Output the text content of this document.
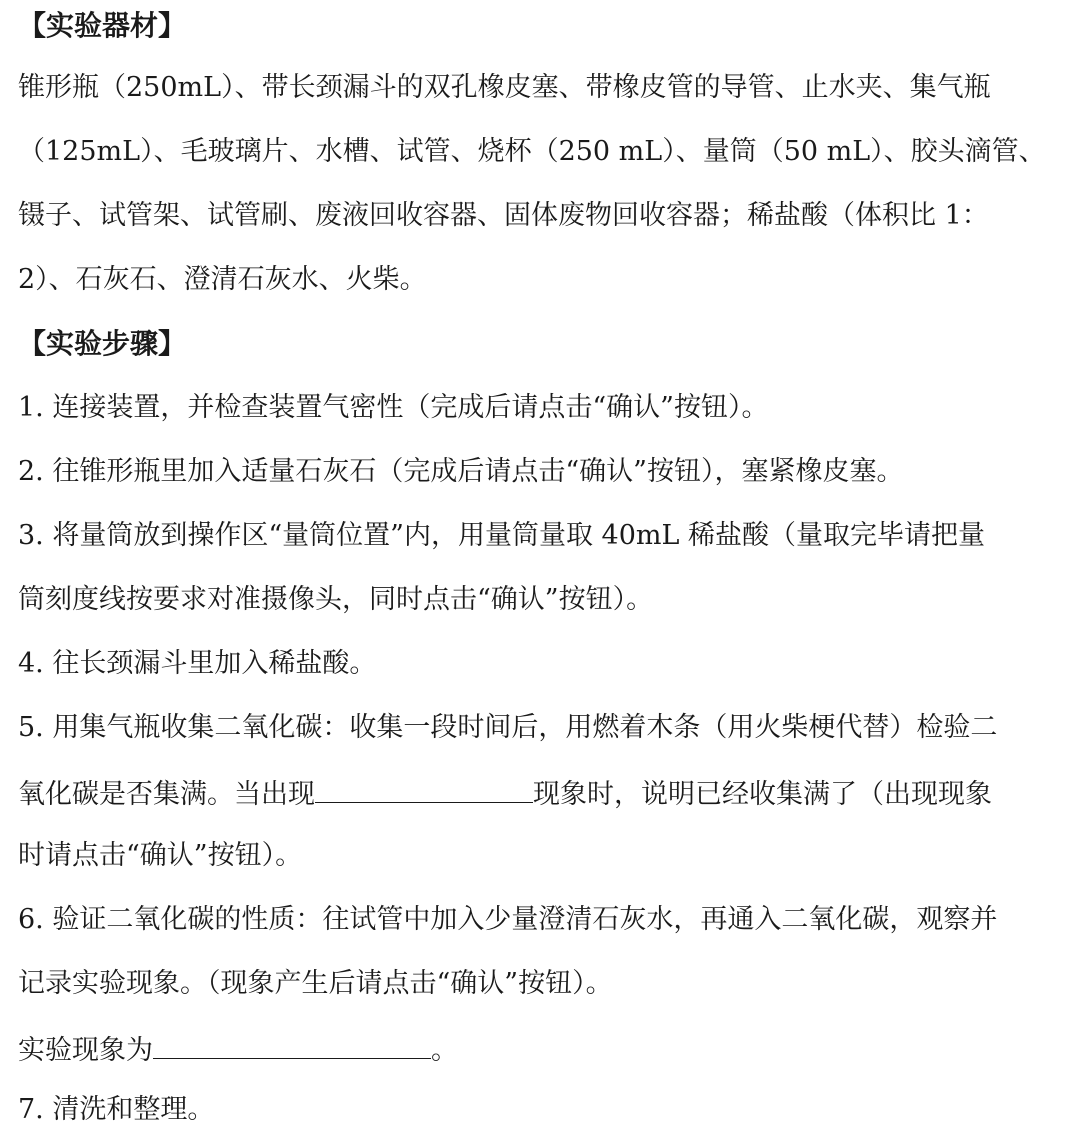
【实验器材】
锥形瓶（250mL）、带长颈漏斗的双孔橡皮塞、带橡皮管的导管、止水夹、集气瓶
（125mL）、毛玻璃片、水槽、试管、烧杯（250 mL）、量筒（50 mL）、胶头滴管、
镊子、试管架、试管刷、废液回收容器、固体废物回收容器；稀盐酸（体积比 1：
2）、石灰石、澄清石灰水、火柴。
【实验步骤】
1. 连接装置，并检查装置气密性（完成后请点击“确认”按钮）。
2. 往锥形瓶里加入适量石灰石（完成后请点击“确认”按钮），塞紧橡皮塞。
3. 将量筒放到操作区“量筒位置”内，用量筒量取 40mL 稀盐酸（量取完毕请把量
筒刻度线按要求对准摄像头，同时点击“确认”按钮）。
4. 往长颈漏斗里加入稀盐酸。
5. 用集气瓶收集二氧化碳：收集一段时间后，用燃着木条（用火柴梗代替）检验二
氧化碳是否集满。当出现	现象时，说明已经收集满了（出现现象
时请点击“确认”按钮）。
6. 验证二氧化碳的性质：往试管中加入少量澄清石灰水，再通入二氧化碳，观察并
记录实验现象。（现象产生后请点击“确认”按钮）。
实验现象为	。
7. 清洗和整理。
